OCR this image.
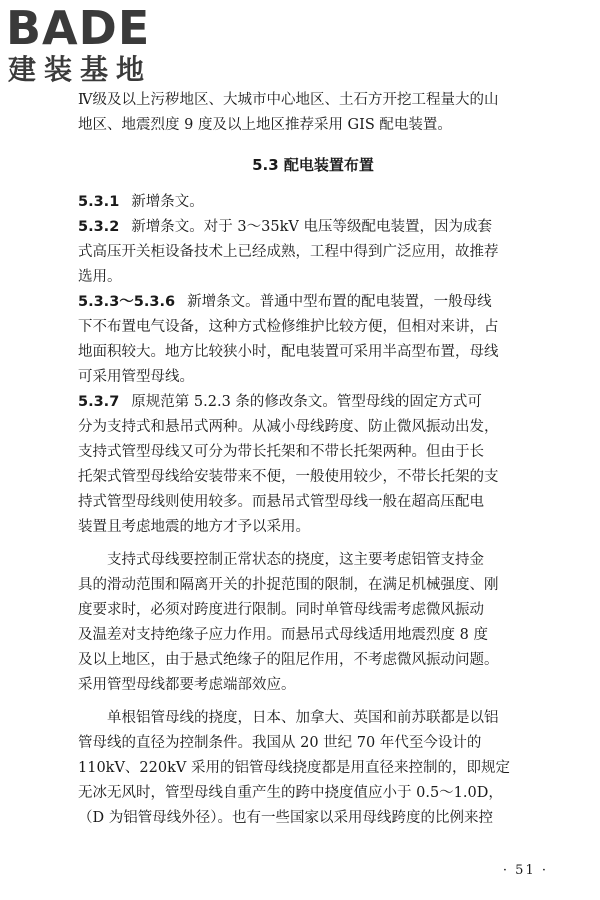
BADE
建装基地
Ⅳ级及以上污秽地区、大城市中心地区、土石方开挖工程量大的山
地区、地震烈度 9 度及以上地区推荐采用 GIS 配电装置。
5.3 配电装置布置
5.3.1 新增条文。
5.3.2 新增条文。对于 3～35kV 电压等级配电装置，因为成套
式高压开关柜设备技术上已经成熟，工程中得到广泛应用，故推荐
选用。
5.3.3～5.3.6 新增条文。普通中型布置的配电装置，一般母线
下不布置电气设备，这种方式检修维护比较方便，但相对来讲，占
地面积较大。地方比较狭小时，配电装置可采用半高型布置，母线
可采用管型母线。
5.3.7 原规范第 5.2.3 条的修改条文。管型母线的固定方式可
分为支持式和悬吊式两种。从减小母线跨度、防止微风振动出发，
支持式管型母线又可分为带长托架和不带长托架两种。但由于长
托架式管型母线给安装带来不便，一般使用较少，不带长托架的支
持式管型母线则使用较多。而悬吊式管型母线一般在超高压配电
装置且考虑地震的地方才予以采用。
支持式母线要控制正常状态的挠度，这主要考虑铝管支持金
具的滑动范围和隔离开关的扑捉范围的限制，在满足机械强度、刚
度要求时，必须对跨度进行限制。同时单管母线需考虑微风振动
及温差对支持绝缘子应力作用。而悬吊式母线适用地震烈度 8 度
及以上地区，由于悬式绝缘子的阻尼作用，不考虑微风振动问题。
采用管型母线都要考虑端部效应。
单根铝管母线的挠度，日本、加拿大、英国和前苏联都是以铝
管母线的直径为控制条件。我国从 20 世纪 70 年代至今设计的
110kV、220kV 采用的铝管母线挠度都是用直径来控制的，即规定
无冰无风时，管型母线自重产生的跨中挠度值应小于 0.5～1.0D，
（D 为铝管母线外径）。也有一些国家以采用母线跨度的比例来控
· 51 ·
